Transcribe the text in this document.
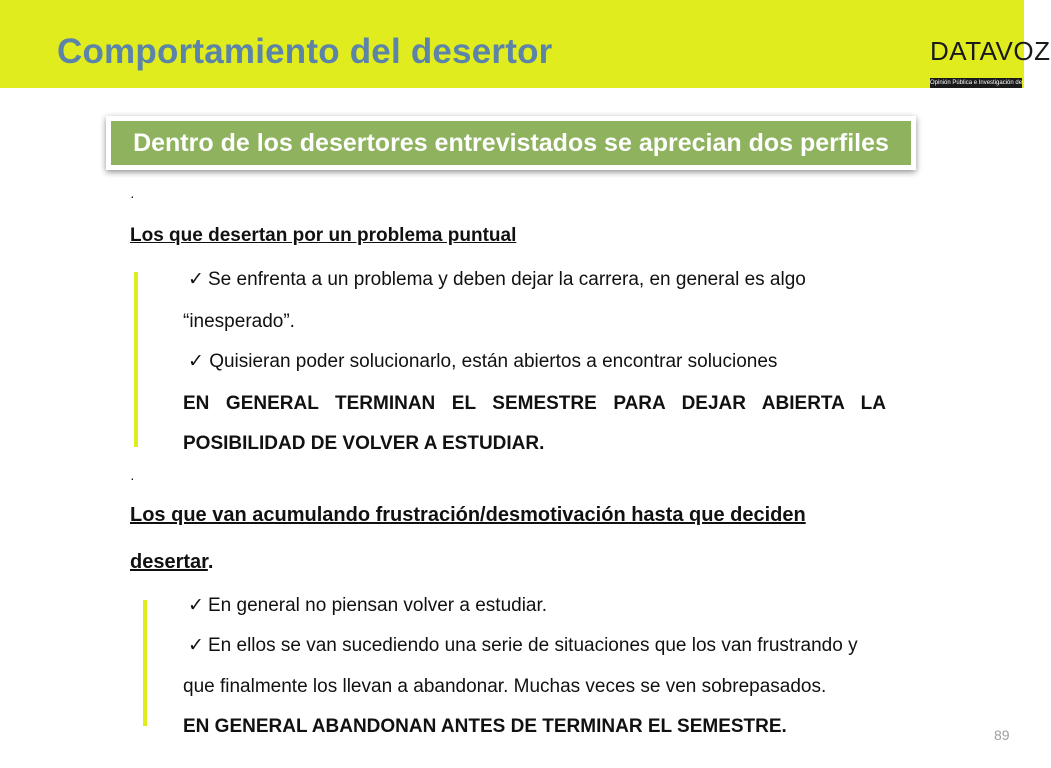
Comportamiento del desertor	DATAVOZ
Opinión Pública e Investigación de Mercado
Dentro de los desertores entrevistados se aprecian dos perfiles
·
Los que desertan por un problema puntual
✓ Se enfrenta a un problema y deben dejar la carrera, en general es algo
“inesperado”.
✓ Quisieran poder solucionarlo, están abiertos a encontrar soluciones
EN GENERAL TERMINAN EL SEMESTRE PARA DEJAR ABIERTA LA
POSIBILIDAD DE VOLVER A ESTUDIAR.
·
Los que van acumulando frustración/desmotivación hasta que deciden
desertar.
✓ En general no piensan volver a estudiar.
✓ En ellos se van sucediendo una serie de situaciones que los van frustrando y
que finalmente los llevan a abandonar. Muchas veces se ven sobrepasados.
EN GENERAL ABANDONAN ANTES DE TERMINAR EL SEMESTRE.	89
